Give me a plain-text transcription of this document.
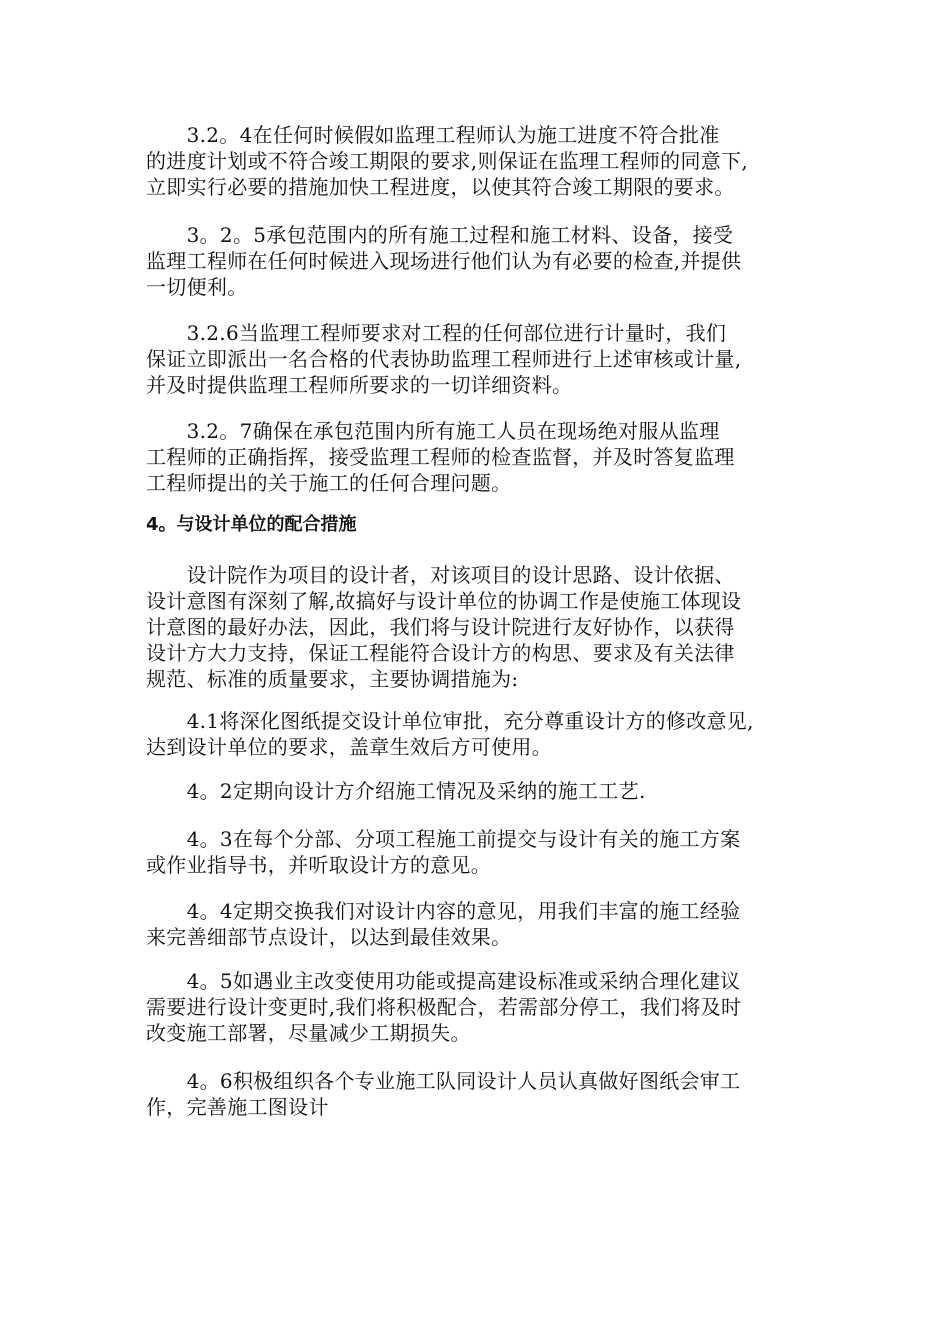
　　3.2。4在任何时候假如监理工程师认为施工进度不符合批准
的进度计划或不符合竣工期限的要求,则保证在监理工程师的同意下,
立即实行必要的措施加快工程进度，以使其符合竣工期限的要求。

　　3。2。5承包范围内的所有施工过程和施工材料、设备，接受
监理工程师在任何时候进入现场进行他们认为有必要的检查,并提供
一切便利。

　　3.2.6当监理工程师要求对工程的任何部位进行计量时，我们
保证立即派出一名合格的代表协助监理工程师进行上述审核或计量,
并及时提供监理工程师所要求的一切详细资料。

　　3.2。7确保在承包范围内所有施工人员在现场绝对服从监理
工程师的正确指挥，接受监理工程师的检查监督，并及时答复监理
工程师提出的关于施工的任何合理问题。

4。与设计单位的配合措施

　　设计院作为项目的设计者，对该项目的设计思路、设计依据、
设计意图有深刻了解,故搞好与设计单位的协调工作是使施工体现设
计意图的最好办法，因此，我们将与设计院进行友好协作，以获得
设计方大力支持，保证工程能符合设计方的构思、要求及有关法律
规范、标准的质量要求，主要协调措施为:

　　4.1将深化图纸提交设计单位审批，充分尊重设计方的修改意见,
达到设计单位的要求，盖章生效后方可使用。

　　4。2定期向设计方介绍施工情况及采纳的施工工艺.

　　4。3在每个分部、分项工程施工前提交与设计有关的施工方案
或作业指导书，并听取设计方的意见。

　　4。4定期交换我们对设计内容的意见，用我们丰富的施工经验
来完善细部节点设计，以达到最佳效果。

　　4。5如遇业主改变使用功能或提高建设标准或采纳合理化建议
需要进行设计变更时,我们将积极配合，若需部分停工，我们将及时
改变施工部署，尽量减少工期损失。

　　4。6积极组织各个专业施工队同设计人员认真做好图纸会审工
作，完善施工图设计
